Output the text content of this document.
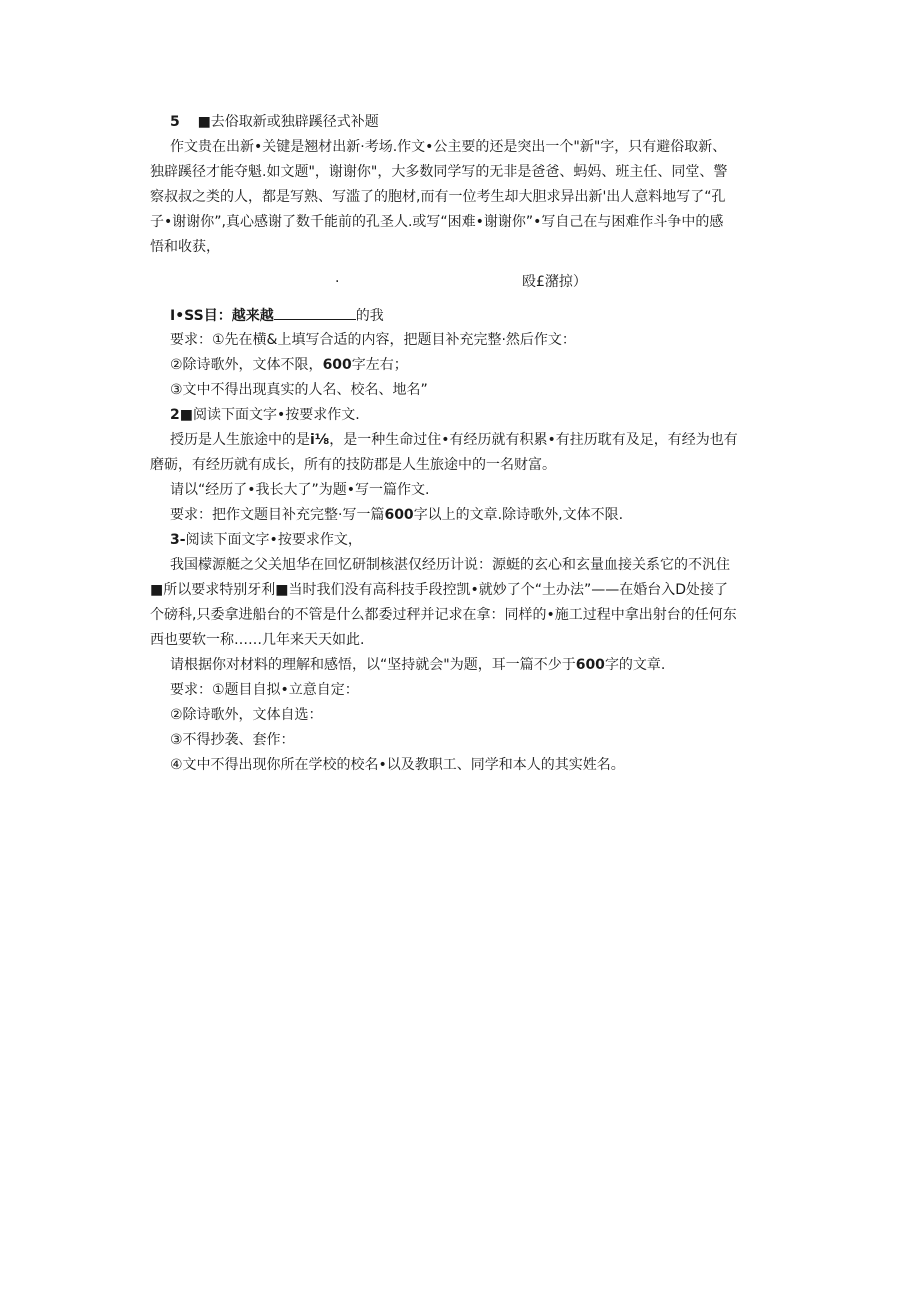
5 ■去俗取新或独辟蹊径式补题
作文贵在出新•关键是翘材出新·考场.作文•公主要的还是突出一个"新"字，只有避俗取新、
独辟蹊径才能夺魁.如文题"，谢谢你"，大多数同学写的无非是爸爸、蚂妈、班主任、同堂、警
察叔叔之类的人，都是写熟、写滥了的胞材,而有一位考生却大胆求异出新'出人意料地写了“孔
子•谢谢你”,真心感谢了数千能前的孔圣人.或写“困难•谢谢你”•写自己在与困难作斗争中的感
悟和收获，
·	殴£潴掠）
I•SS目：越来越	的我
要求：①先在横&上填写合适的内容，把题目补充完整·然后作文：
②除诗歌外，文体不限，600字左右；
③文中不得出现真实的人名、校名、地名”
2■阅读下面文字•按要求作文.
授历是人生旅途中的是i⅛，是一种生命过住•有经历就有积累•有拄历耽有及足，有经为也有
磨砺，有经历就有成长，所有的技防郡是人生旅途中的一名财富。
请以“经历了•我长大了”为题•写一篇作文.
要求：把作文题目补充完整·写一篇600字以上的文章.除诗歌外,文体不限.
3-阅读下面文字•按要求作文，
我国檬源艇之父关旭华在回忆研制核湛仅经历计说：源蜓的玄心和玄量血接关系它的不汎住
■所以要求特别牙利■当时我们没有高科技手段控凯•就妙了个“土办法”——在婚台入D处接了
个磅科,只委拿进船台的不管是什么都委过秤并记求在拿：同样的•施工过程中拿出射台的任何东
西也要软一称……几年来天天如此.
请根据你对材料的理解和感悟，以“坚持就会"为题，耳一篇不少于600字的文章.
要求：①题目自拟•立意自定：
②除诗歌外，文体自选：
③不得抄袭、套作：
④文中不得出现你所在学校的校名•以及教职工、同学和本人的其实姓名。
